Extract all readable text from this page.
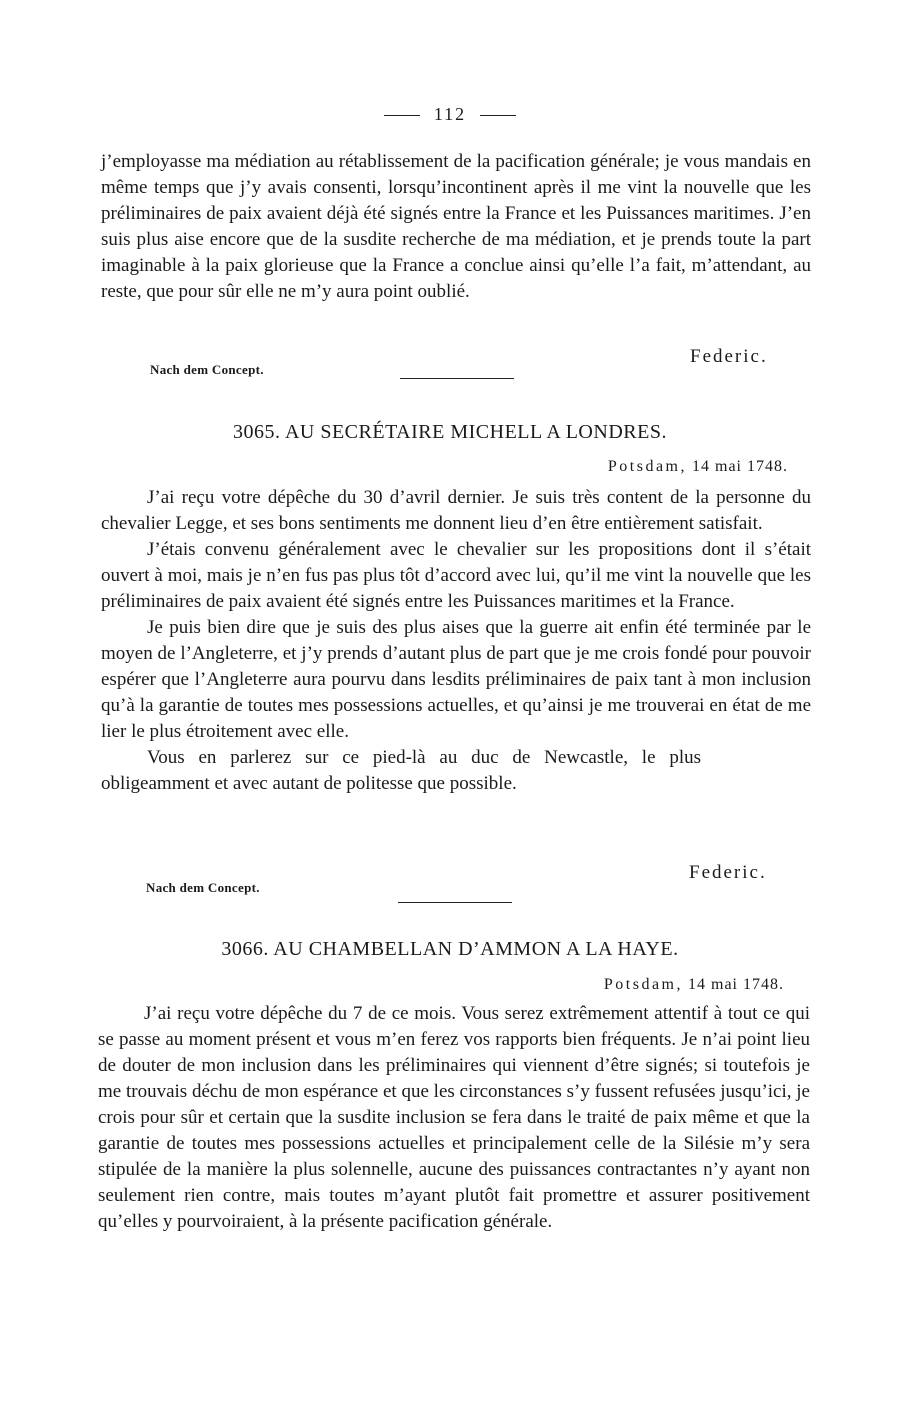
112

j’employasse ma médiation au rétablissement de la pacification générale; je vous mandais en même temps que j’y avais consenti, lorsqu’incontinent après il me vint la nouvelle que les préliminaires de paix avaient déjà été signés entre la France et les Puissances maritimes. J’en suis plus aise encore que de la susdite recherche de ma médiation, et je prends toute la part imaginable à la paix glorieuse que la France a conclue ainsi qu’elle l’a fait, m’attendant, au reste, que pour sûr elle ne m’y aura point oublié.

Federic.
Nach dem Concept.
3065. AU SECRÉTAIRE MICHELL A LONDRES.
Potsdam, 14 mai 1748.

J’ai reçu votre dépêche du 30 d’avril dernier. Je suis très content de la personne du chevalier Legge, et ses bons sentiments me donnent lieu d’en être entièrement satisfait.

J’étais convenu généralement avec le chevalier sur les propositions dont il s’était ouvert à moi, mais je n’en fus pas plus tôt d’accord avec lui, qu’il me vint la nouvelle que les préliminaires de paix avaient été signés entre les Puissances maritimes et la France.

Je puis bien dire que je suis des plus aises que la guerre ait enfin été terminée par le moyen de l’Angleterre, et j’y prends d’autant plus de part que je me crois fondé pour pouvoir espérer que l’Angleterre aura pourvu dans lesdits préliminaires de paix tant à mon inclusion qu’à la garantie de toutes mes possessions actuelles, et qu’ainsi je me trouverai en état de me lier le plus étroitement avec elle.

Vous en parlerez sur ce pied-là au duc de Newcastle, le plus obligeamment et avec autant de politesse que possible.

Federic.
Nach dem Concept.
3066. AU CHAMBELLAN D’AMMON A LA HAYE.
Potsdam, 14 mai 1748.

J’ai reçu votre dépêche du 7 de ce mois. Vous serez extrêmement attentif à tout ce qui se passe au moment présent et vous m’en ferez vos rapports bien fréquents. Je n’ai point lieu de douter de mon inclusion dans les préliminaires qui viennent d’être signés; si toutefois je me trouvais déchu de mon espérance et que les circonstances s’y fussent refusées jusqu’ici, je crois pour sûr et certain que la susdite inclusion se fera dans le traité de paix même et que la garantie de toutes mes possessions actuelles et principalement celle de la Silésie m’y sera stipulée de la manière la plus solennelle, aucune des puissances contractantes n’y ayant non seulement rien contre, mais toutes m’ayant plutôt fait promettre et assurer positivement qu’elles y pourvoiraient, à la présente pacification générale.
